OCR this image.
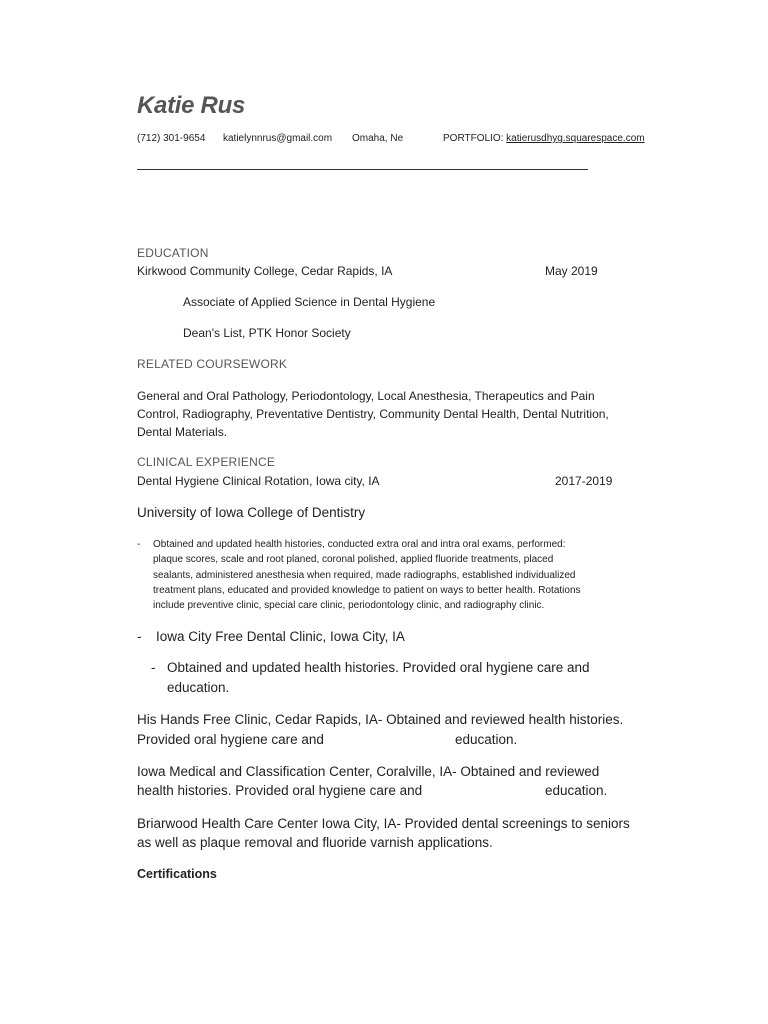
Katie Rus
(712) 301-9654 katielynnrus@gmail.com Omaha, Ne	PORTFOLIO: katierusdhyg.squarespace.com
EDUCATION
Kirkwood Community College, Cedar Rapids, IA	May 2019
Associate of Applied Science in Dental Hygiene
Dean's List, PTK Honor Society
RELATED COURSEWORK
General and Oral Pathology, Periodontology, Local Anesthesia, Therapeutics and Pain
Control, Radiography, Preventative Dentistry, Community Dental Health, Dental Nutrition,
Dental Materials.
CLINICAL EXPERIENCE
Dental Hygiene Clinical Rotation, Iowa city, IA	2017-2019
University of Iowa College of Dentistry
- Obtained and updated health histories, conducted extra oral and intra oral exams, performed:
plaque scores, scale and root planed, coronal polished, applied fluoride treatments, placed
sealants, administered anesthesia when required, made radiographs, established individualized
treatment plans, educated and provided knowledge to patient on ways to better health. Rotations
include preventive clinic, special care clinic, periodontology clinic, and radiography clinic.
- Iowa City Free Dental Clinic, Iowa City, IA
- Obtained and updated health histories. Provided oral hygiene care and
education.
His Hands Free Clinic, Cedar Rapids, IA- Obtained and reviewed health histories.
Provided oral hygiene care and	education.
Iowa Medical and Classification Center, Coralville, IA- Obtained and reviewed
health histories. Provided oral hygiene care and	education.
Briarwood Health Care Center Iowa City, IA- Provided dental screenings to seniors
as well as plaque removal and fluoride varnish applications.
Certifications
